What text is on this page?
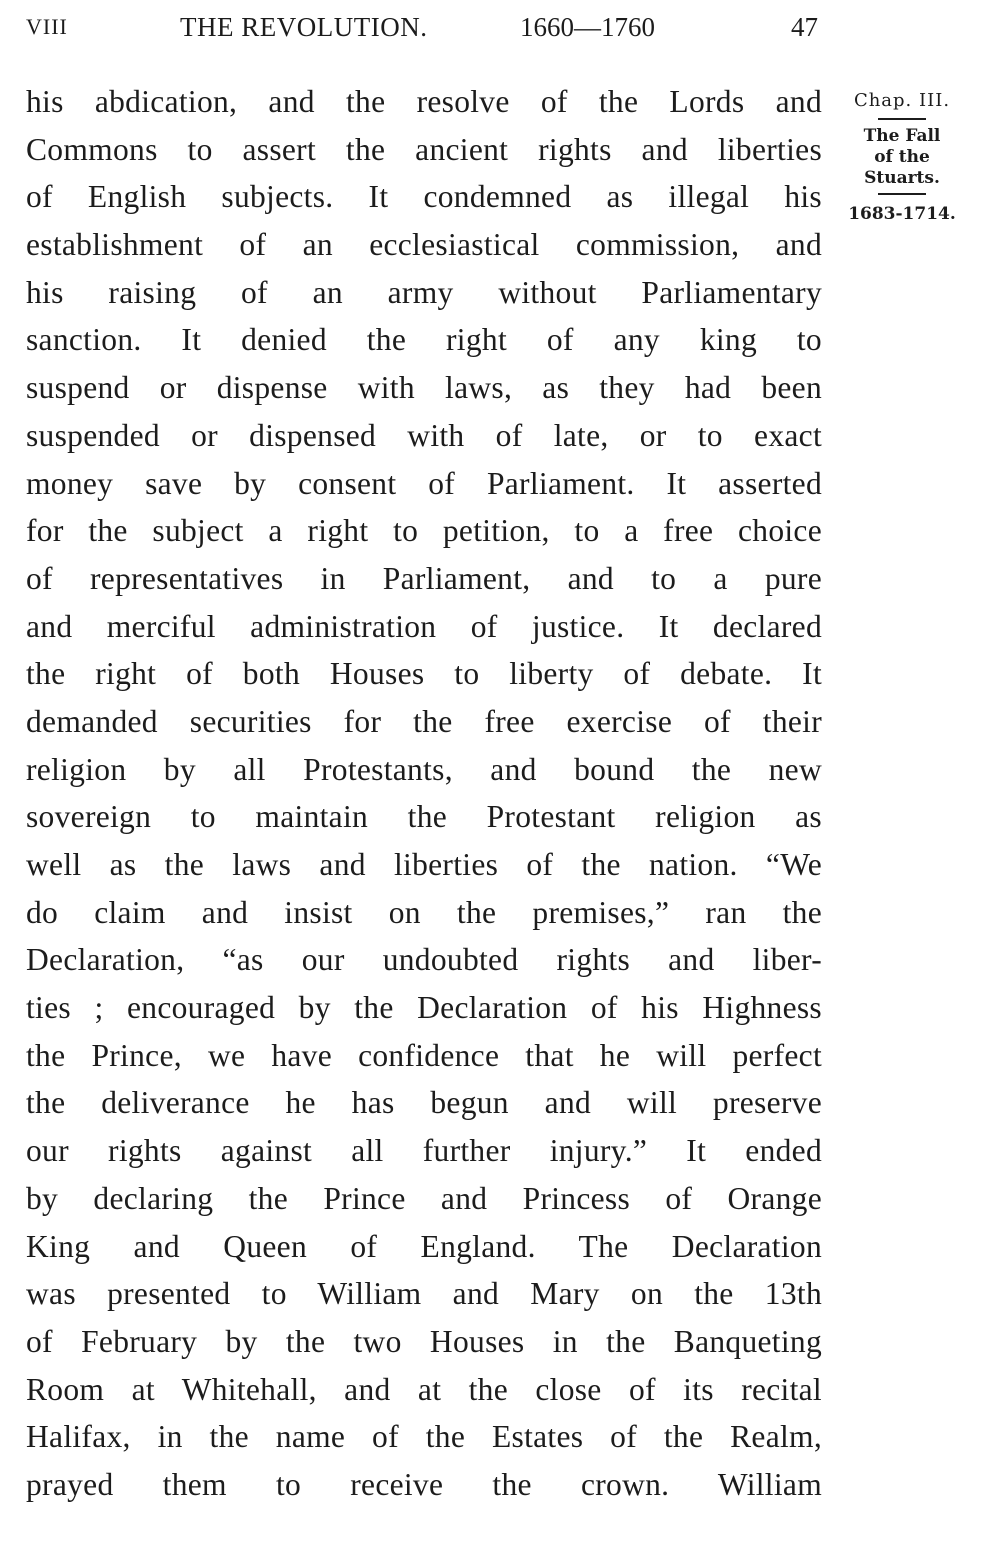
VIII	THE REVOLUTION.	1660—1760	47
his abdication, and the resolve of the Lords and
Commons to assert the ancient rights and liberties
of English subjects. It condemned as illegal his
establishment of an ecclesiastical commission, and
his raising of an army without Parliamentary
sanction. It denied the right of any king to
suspend or dispense with laws, as they had been
suspended or dispensed with of late, or to exact
money save by consent of Parliament. It asserted
for the subject a right to petition, to a free choice
of representatives in Parliament, and to a pure
and merciful administration of justice. It declared
the right of both Houses to liberty of debate. It
demanded securities for the free exercise of their
religion by all Protestants, and bound the new
sovereign to maintain the Protestant religion as
well as the laws and liberties of the nation. “We
do claim and insist on the premises,” ran the
Declaration, “as our undoubted rights and liber-
ties ; encouraged by the Declaration of his Highness
the Prince, we have confidence that he will perfect
the deliverance he has begun and will preserve
our rights against all further injury.” It ended
by declaring the Prince and Princess of Orange
King and Queen of England. The Declaration
was presented to William and Mary on the 13th
of February by the two Houses in the Banqueting
Room at Whitehall, and at the close of its recital
Halifax, in the name of the Estates of the Realm,
prayed them to receive the crown. William
Chap. III.
The Fall
of the
Stuarts.
1683-1714.
